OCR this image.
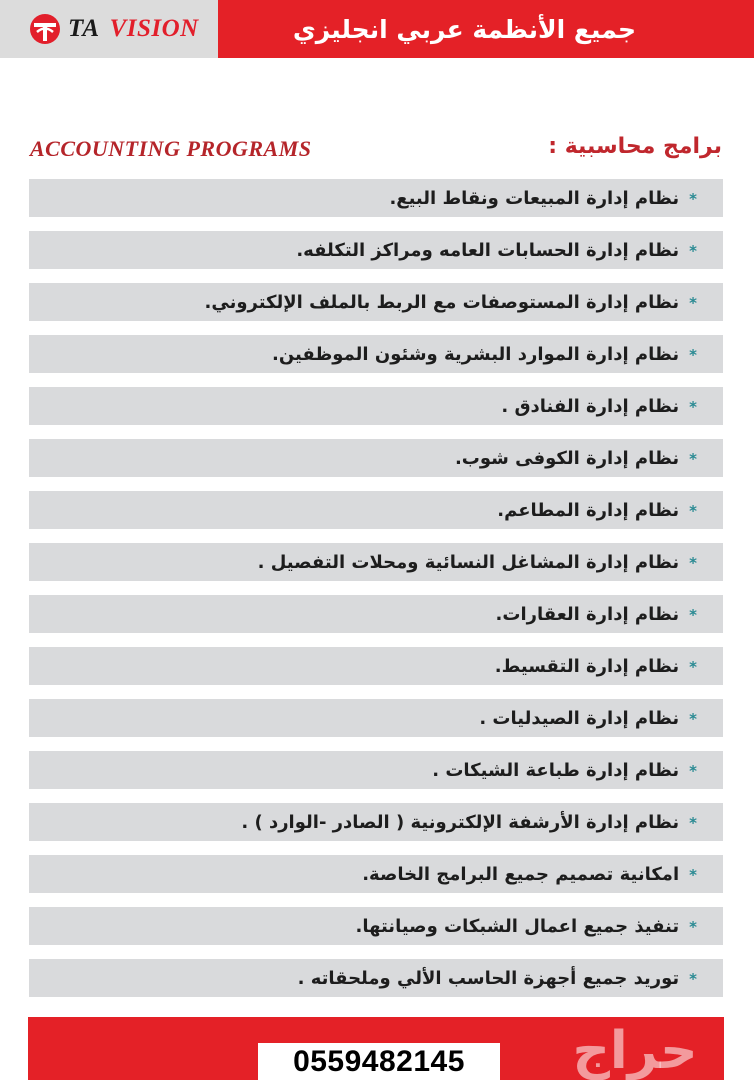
TA VISION	جميع الأنظمة عربي انجليزي
ACCOUNTING PROGRAMS	برامج محاسبية :
*نظام إدارة المبيعات ونقاط البيع.
*نظام إدارة الحسابات العامه ومراكز التكلفه.
*نظام إدارة المستوصفات مع الربط بالملف الإلكتروني.
*نظام إدارة الموارد البشرية وشئون الموظفين.
*نظام إدارة الفنادق .
*نظام إدارة الكوفى شوب.
*نظام إدارة المطاعم.
*نظام إدارة المشاغل النسائية ومحلات التفصيل .
*نظام إدارة العقارات.
*نظام إدارة التقسيط.
*نظام إدارة الصيدليات .
*نظام إدارة طباعة الشيكات .
*نظام إدارة الأرشفة الإلكترونية ( الصادر -الوارد ) .
*امكانية تصميم جميع البرامج الخاصة.
*تنفيذ جميع اعمال الشبكات وصيانتها.
*توريد جميع أجهزة الحاسب الألي وملحقاته .
0559482145	حراج
